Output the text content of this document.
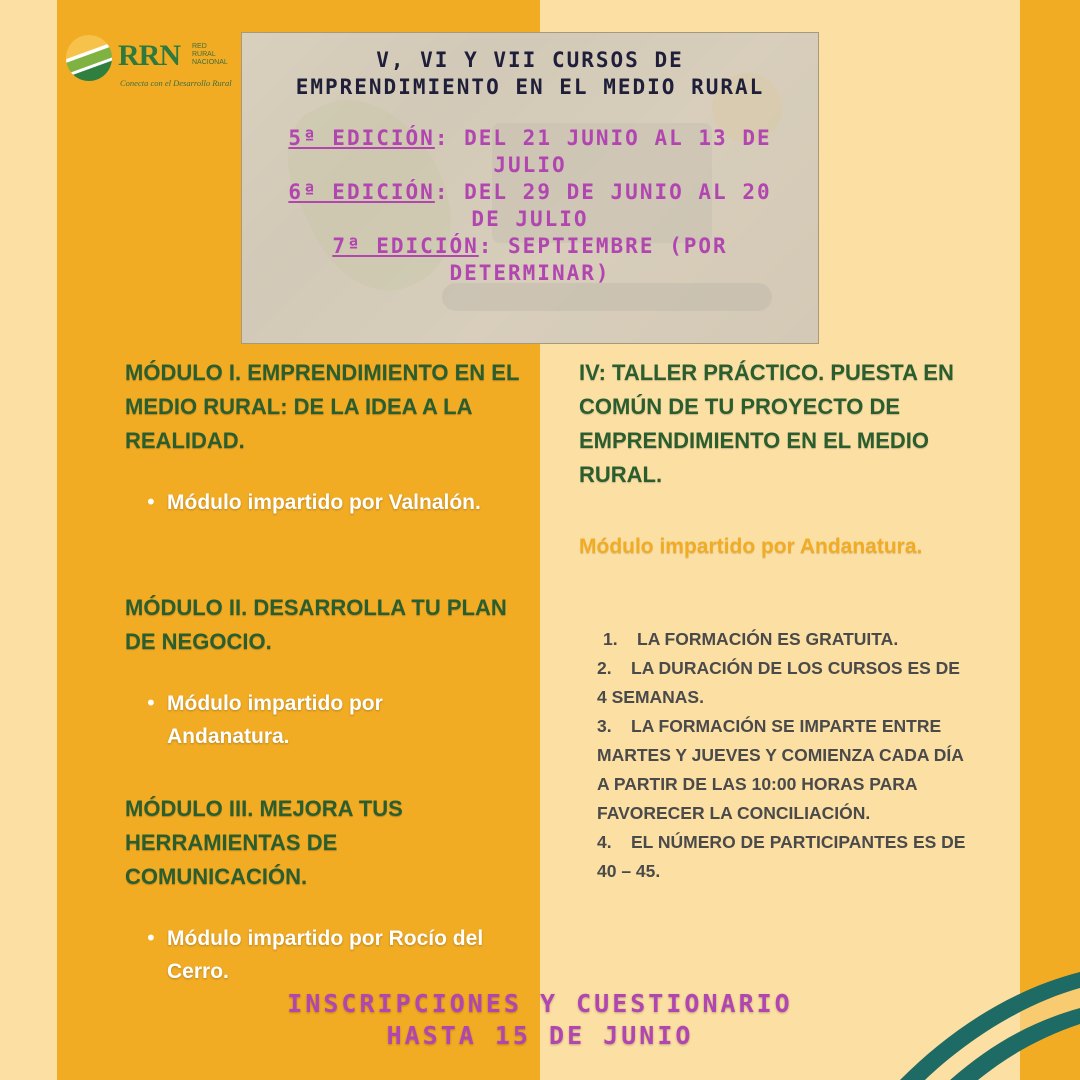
RRN RED
RURAL
NACIONAL
Conecta con el Desarrollo Rural
V, VI Y VII CURSOS DE EMPRENDIMIENTO EN EL MEDIO RURAL
5ª EDICIÓN: DEL 21 JUNIO AL 13 DE JULIO
6ª EDICIÓN: DEL 29 DE JUNIO AL 20 DE JULIO
7ª EDICIÓN: SEPTIEMBRE (POR DETERMINAR)
MÓDULO I. EMPRENDIMIENTO EN EL MEDIO RURAL: DE LA IDEA A LA REALIDAD.
• Módulo impartido por Valnalón.
MÓDULO II. DESARROLLA TU PLAN DE NEGOCIO.
• Módulo impartido por Andanatura.
MÓDULO III. MEJORA TUS HERRAMIENTAS DE COMUNICACIÓN.
• Módulo impartido por Rocío del Cerro.
IV: TALLER PRÁCTICO. PUESTA EN COMÚN DE TU PROYECTO DE EMPRENDIMIENTO EN EL MEDIO RURAL.
Módulo impartido por Andanatura.
1. LA FORMACIÓN ES GRATUITA.
2. LA DURACIÓN DE LOS CURSOS ES DE 4 SEMANAS.
3. LA FORMACIÓN SE IMPARTE ENTRE MARTES Y JUEVES Y COMIENZA CADA DÍA A PARTIR DE LAS 10:00 HORAS PARA FAVORECER LA CONCILIACIÓN.
4. EL NÚMERO DE PARTICIPANTES ES DE 40 – 45.
INSCRIPCIONES Y CUESTIONARIO
HASTA 15 DE JUNIO
